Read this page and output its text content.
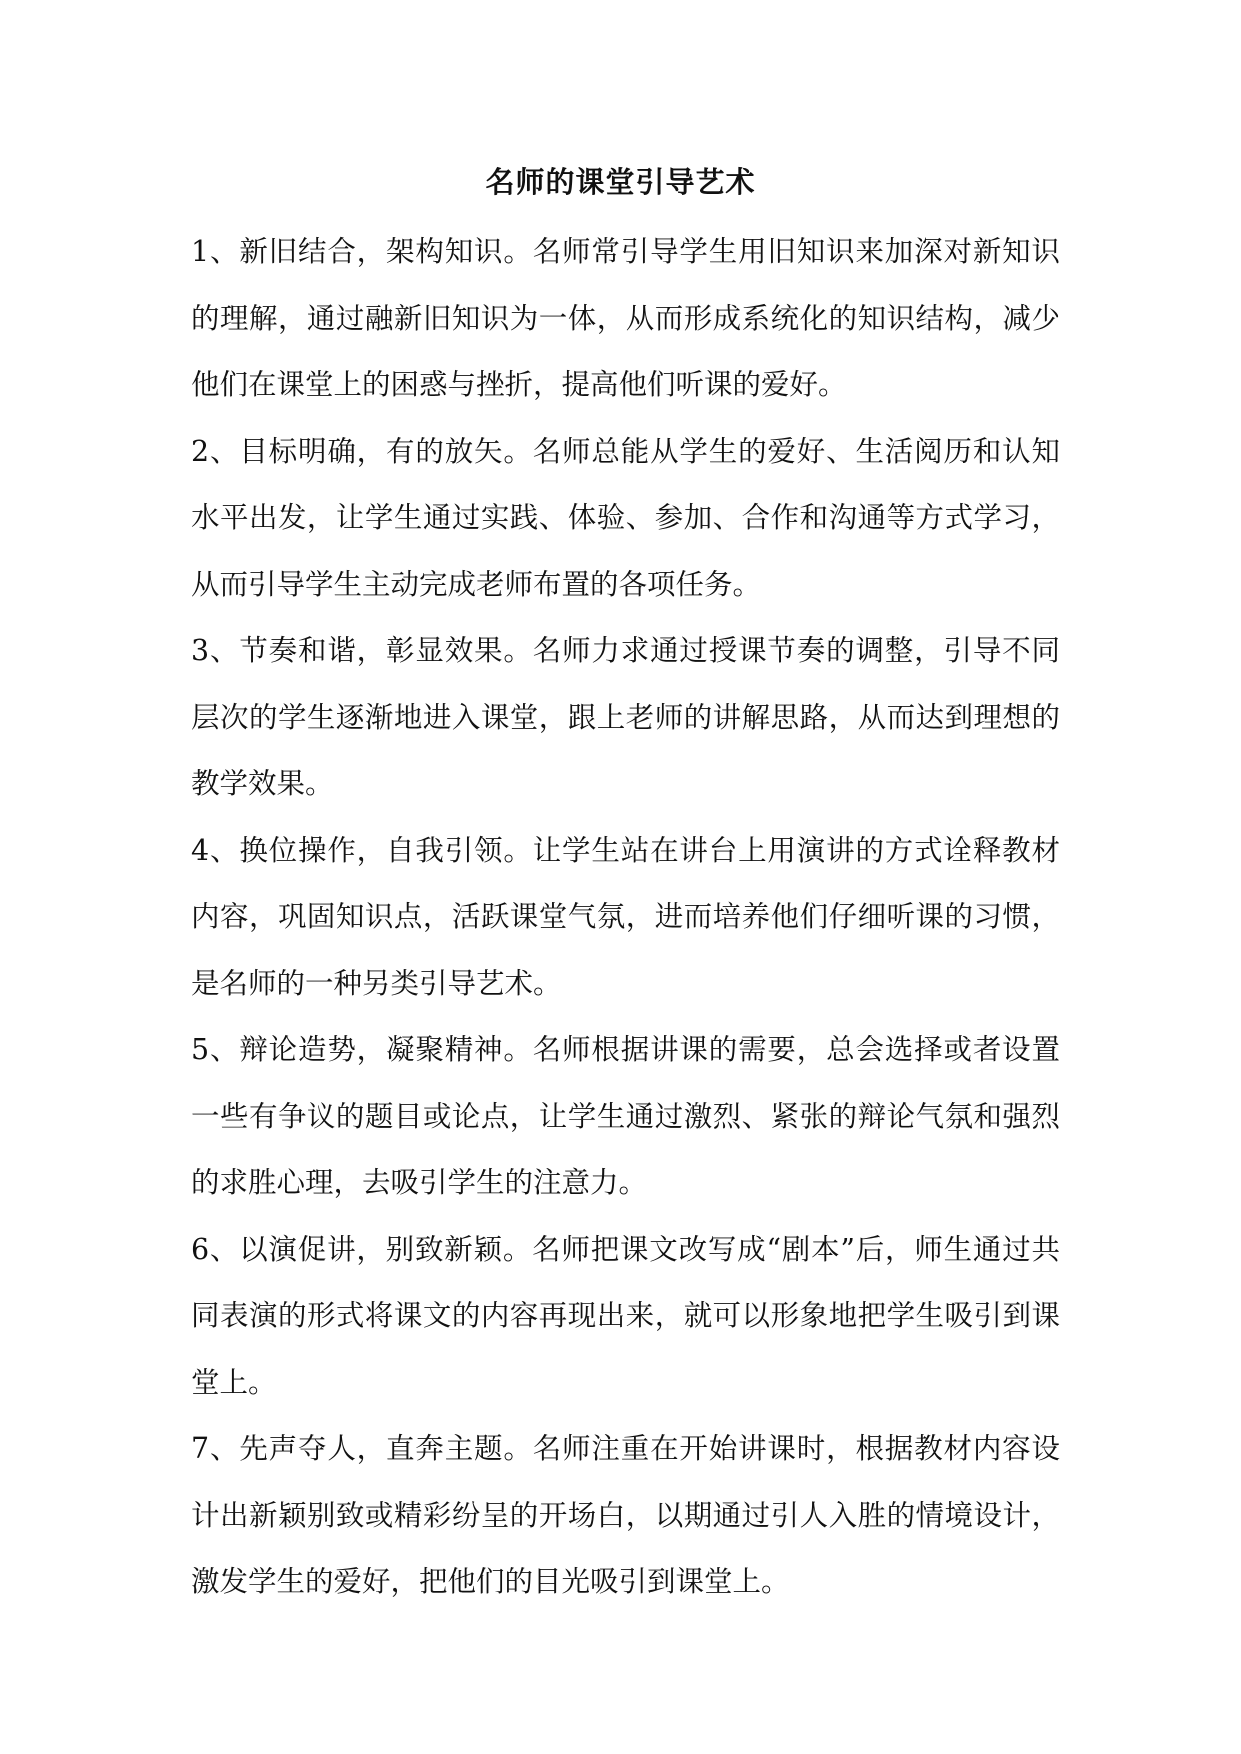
名师的课堂引导艺术

1、新旧结合，架构知识。名师常引导学生用旧知识来加深对新知识的理解，通过融新旧知识为一体，从而形成系统化的知识结构，减少他们在课堂上的困惑与挫折，提高他们听课的爱好。

2、目标明确，有的放矢。名师总能从学生的爱好、生活阅历和认知水平出发，让学生通过实践、体验、参加、合作和沟通等方式学习，从而引导学生主动完成老师布置的各项任务。

3、节奏和谐，彰显效果。名师力求通过授课节奏的调整，引导不同层次的学生逐渐地进入课堂，跟上老师的讲解思路，从而达到理想的教学效果。

4、换位操作，自我引领。让学生站在讲台上用演讲的方式诠释教材内容，巩固知识点，活跃课堂气氛，进而培养他们仔细听课的习惯，是名师的一种另类引导艺术。

5、辩论造势，凝聚精神。名师根据讲课的需要，总会选择或者设置一些有争议的题目或论点，让学生通过激烈、紧张的辩论气氛和强烈的求胜心理，去吸引学生的注意力。

6、以演促讲，别致新颖。名师把课文改写成“剧本”后，师生通过共同表演的形式将课文的内容再现出来，就可以形象地把学生吸引到课堂上。

7、先声夺人，直奔主题。名师注重在开始讲课时，根据教材内容设计出新颖别致或精彩纷呈的开场白，以期通过引人入胜的情境设计，激发学生的爱好，把他们的目光吸引到课堂上。
